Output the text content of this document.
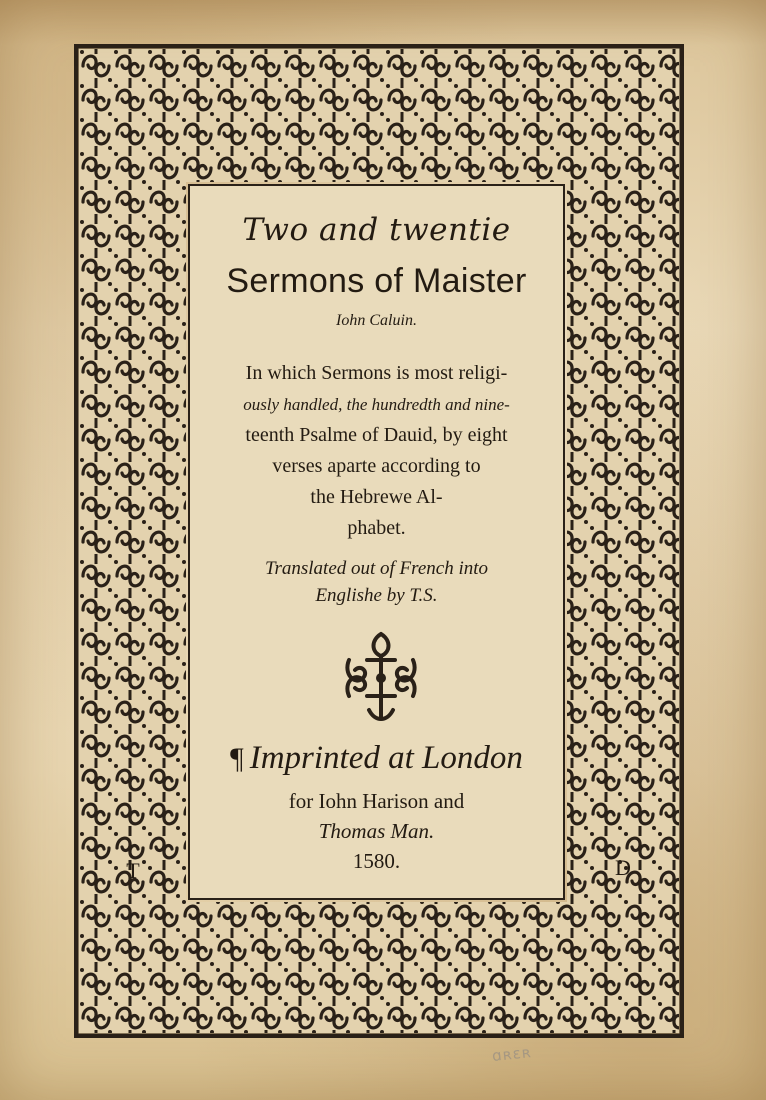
T	D
Two and twentie
Sermons of Maister
Iohn Caluin.
In which Sermons is most religi-
ously handled, the hundredth and nine-
teenth Psalme of Dauid, by eight
verses aparte according to
the Hebrewe Al-
phabet.
Translated out of French into
Englishe by T.S.
¶ Imprinted at London
for Iohn Harison and
Thomas Man.
1580.
ɑʀɛʀ
